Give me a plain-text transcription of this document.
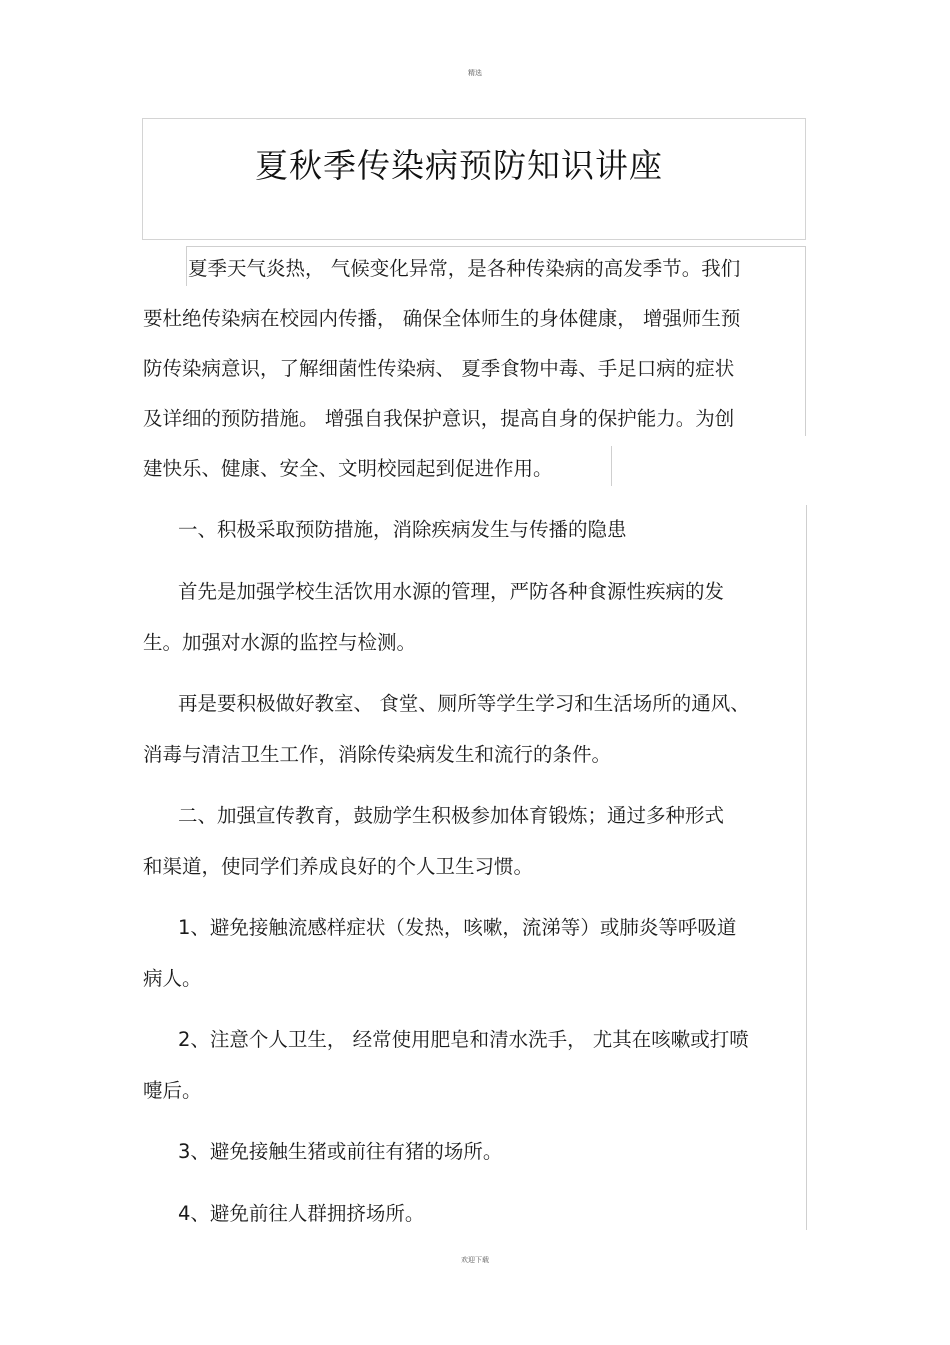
精选
夏秋季传染病预防知识讲座
夏季天气炎热， 气候变化异常，是各种传染病的高发季节。我们
要杜绝传染病在校园内传播， 确保全体师生的身体健康， 增强师生预
防传染病意识，了解细菌性传染病、 夏季食物中毒、手足口病的症状
及详细的预防措施。 增强自我保护意识，提高自身的保护能力。为创
建快乐、健康、安全、文明校园起到促进作用。
一、积极采取预防措施，消除疾病发生与传播的隐患
首先是加强学校生活饮用水源的管理，严防各种食源性疾病的发
生。加强对水源的监控与检测。
再是要积极做好教室、 食堂、厕所等学生学习和生活场所的通风、
消毒与清洁卫生工作，消除传染病发生和流行的条件。
二、加强宣传教育，鼓励学生积极参加体育锻炼；通过多种形式
和渠道，使同学们养成良好的个人卫生习惯。
1、避免接触流感样症状（发热，咳嗽，流涕等）或肺炎等呼吸道
病人。
2、注意个人卫生， 经常使用肥皂和清水洗手， 尤其在咳嗽或打喷
嚏后。
3、避免接触生猪或前往有猪的场所。
4、避免前往人群拥挤场所。
欢迎下载
